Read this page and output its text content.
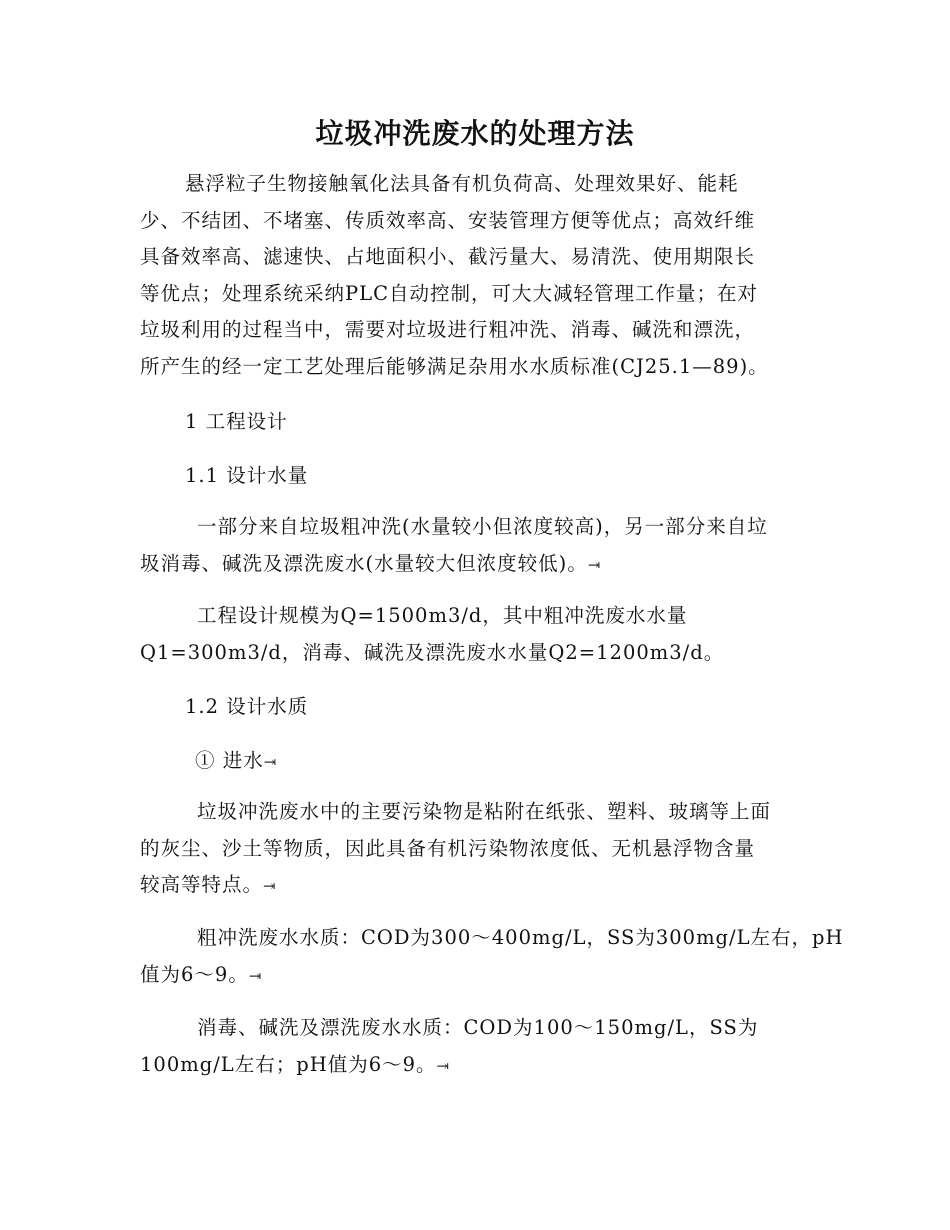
垃圾冲洗废水的处理方法
悬浮粒子生物接触氧化法具备有机负荷高、处理效果好、能耗
少、不结团、不堵塞、传质效率高、安装管理方便等优点；高效纤维
具备效率高、滤速快、占地面积小、截污量大、易清洗、使用期限长
等优点；处理系统采纳PLC自动控制，可大大减轻管理工作量；在对
垃圾利用的过程当中，需要对垃圾进行粗冲洗、消毒、碱洗和漂洗，
所产生的经一定工艺处理后能够满足杂用水水质标准(CJ25.1—89)。
1 工程设计
1.1 设计水量
一部分来自垃圾粗冲洗(水量较小但浓度较高)，另一部分来自垃
圾消毒、碱洗及漂洗废水(水量较大但浓度较低)。⇥
工程设计规模为Q=1500m3/d，其中粗冲洗废水水量
Q1=300m3/d，消毒、碱洗及漂洗废水水量Q2=1200m3/d。
1.2 设计水质
① 进水⇥
垃圾冲洗废水中的主要污染物是粘附在纸张、塑料、玻璃等上面
的灰尘、沙土等物质，因此具备有机污染物浓度低、无机悬浮物含量
较高等特点。⇥
粗冲洗废水水质：COD为300～400mg/L，SS为300mg/L左右，pH
值为6～9。⇥
消毒、碱洗及漂洗废水水质：COD为100～150mg/L，SS为
100mg/L左右；pH值为6～9。⇥
